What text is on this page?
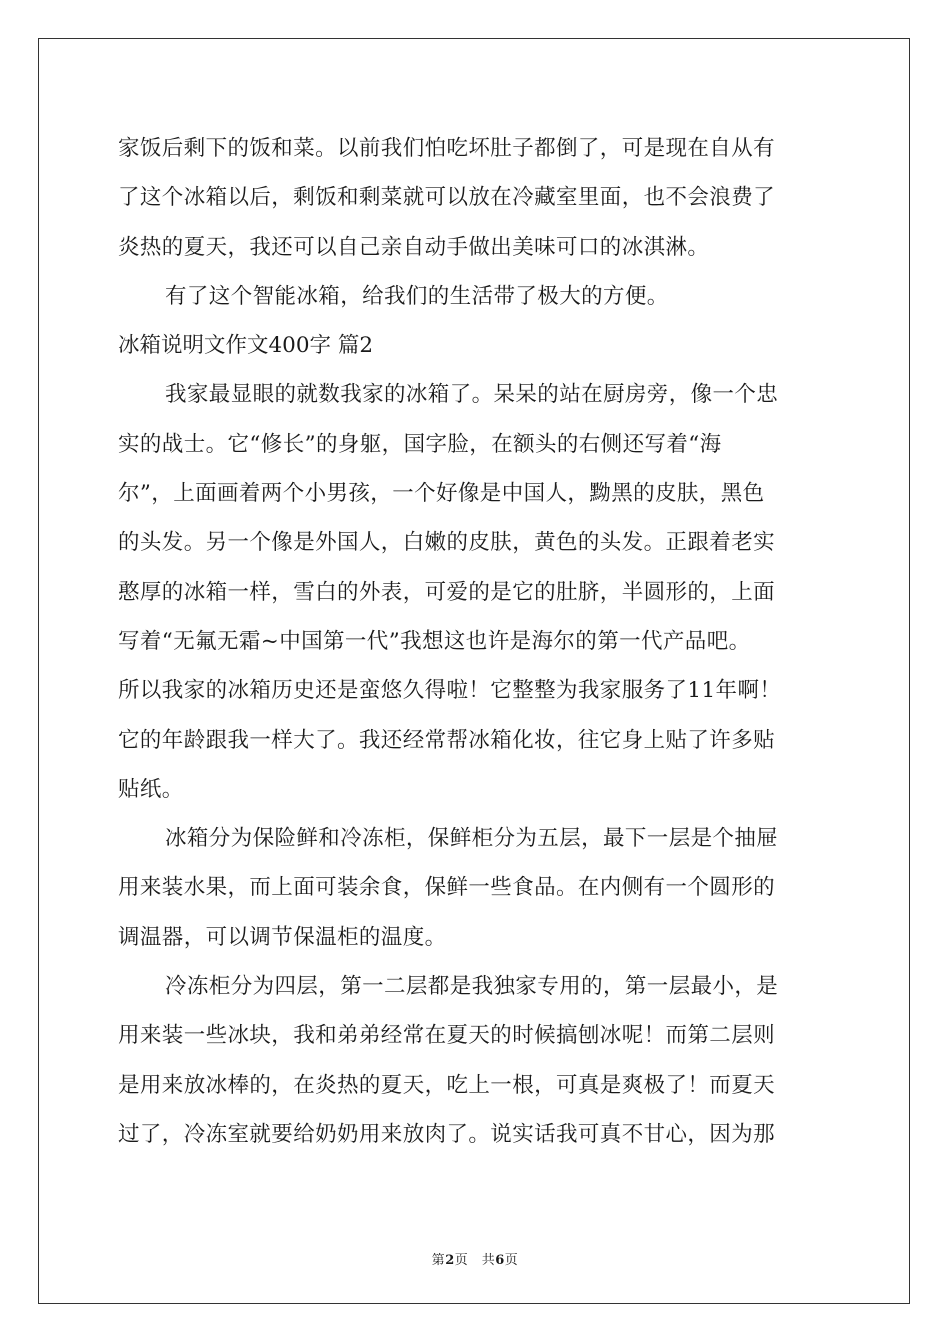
家饭后剩下的饭和菜。以前我们怕吃坏肚子都倒了，可是现在自从有
了这个冰箱以后，剩饭和剩菜就可以放在冷藏室里面，也不会浪费了
炎热的夏天，我还可以自己亲自动手做出美味可口的冰淇淋。
有了这个智能冰箱，给我们的生活带了极大的方便。
冰箱说明文作文400字 篇2
我家最显眼的就数我家的冰箱了。呆呆的站在厨房旁，像一个忠
实的战士。它“修长”的身躯，国字脸，在额头的右侧还写着“海
尔”，上面画着两个小男孩，一个好像是中国人，黝黑的皮肤，黑色
的头发。另一个像是外国人，白嫩的皮肤，黄色的头发。正跟着老实
憨厚的冰箱一样，雪白的外表，可爱的是它的肚脐，半圆形的，上面
写着“无氟无霜~中国第一代”我想这也许是海尔的第一代产品吧。
所以我家的冰箱历史还是蛮悠久得啦！它整整为我家服务了11年啊！
它的年龄跟我一样大了。我还经常帮冰箱化妆，往它身上贴了许多贴
贴纸。
冰箱分为保险鲜和冷冻柜，保鲜柜分为五层，最下一层是个抽屉
用来装水果，而上面可装余食，保鲜一些食品。在内侧有一个圆形的
调温器，可以调节保温柜的温度。
冷冻柜分为四层，第一二层都是我独家专用的，第一层最小，是
用来装一些冰块，我和弟弟经常在夏天的时候搞刨冰呢！而第二层则
是用来放冰棒的，在炎热的夏天，吃上一根，可真是爽极了！而夏天
过了，冷冻室就要给奶奶用来放肉了。说实话我可真不甘心，因为那
第2页　共6页
